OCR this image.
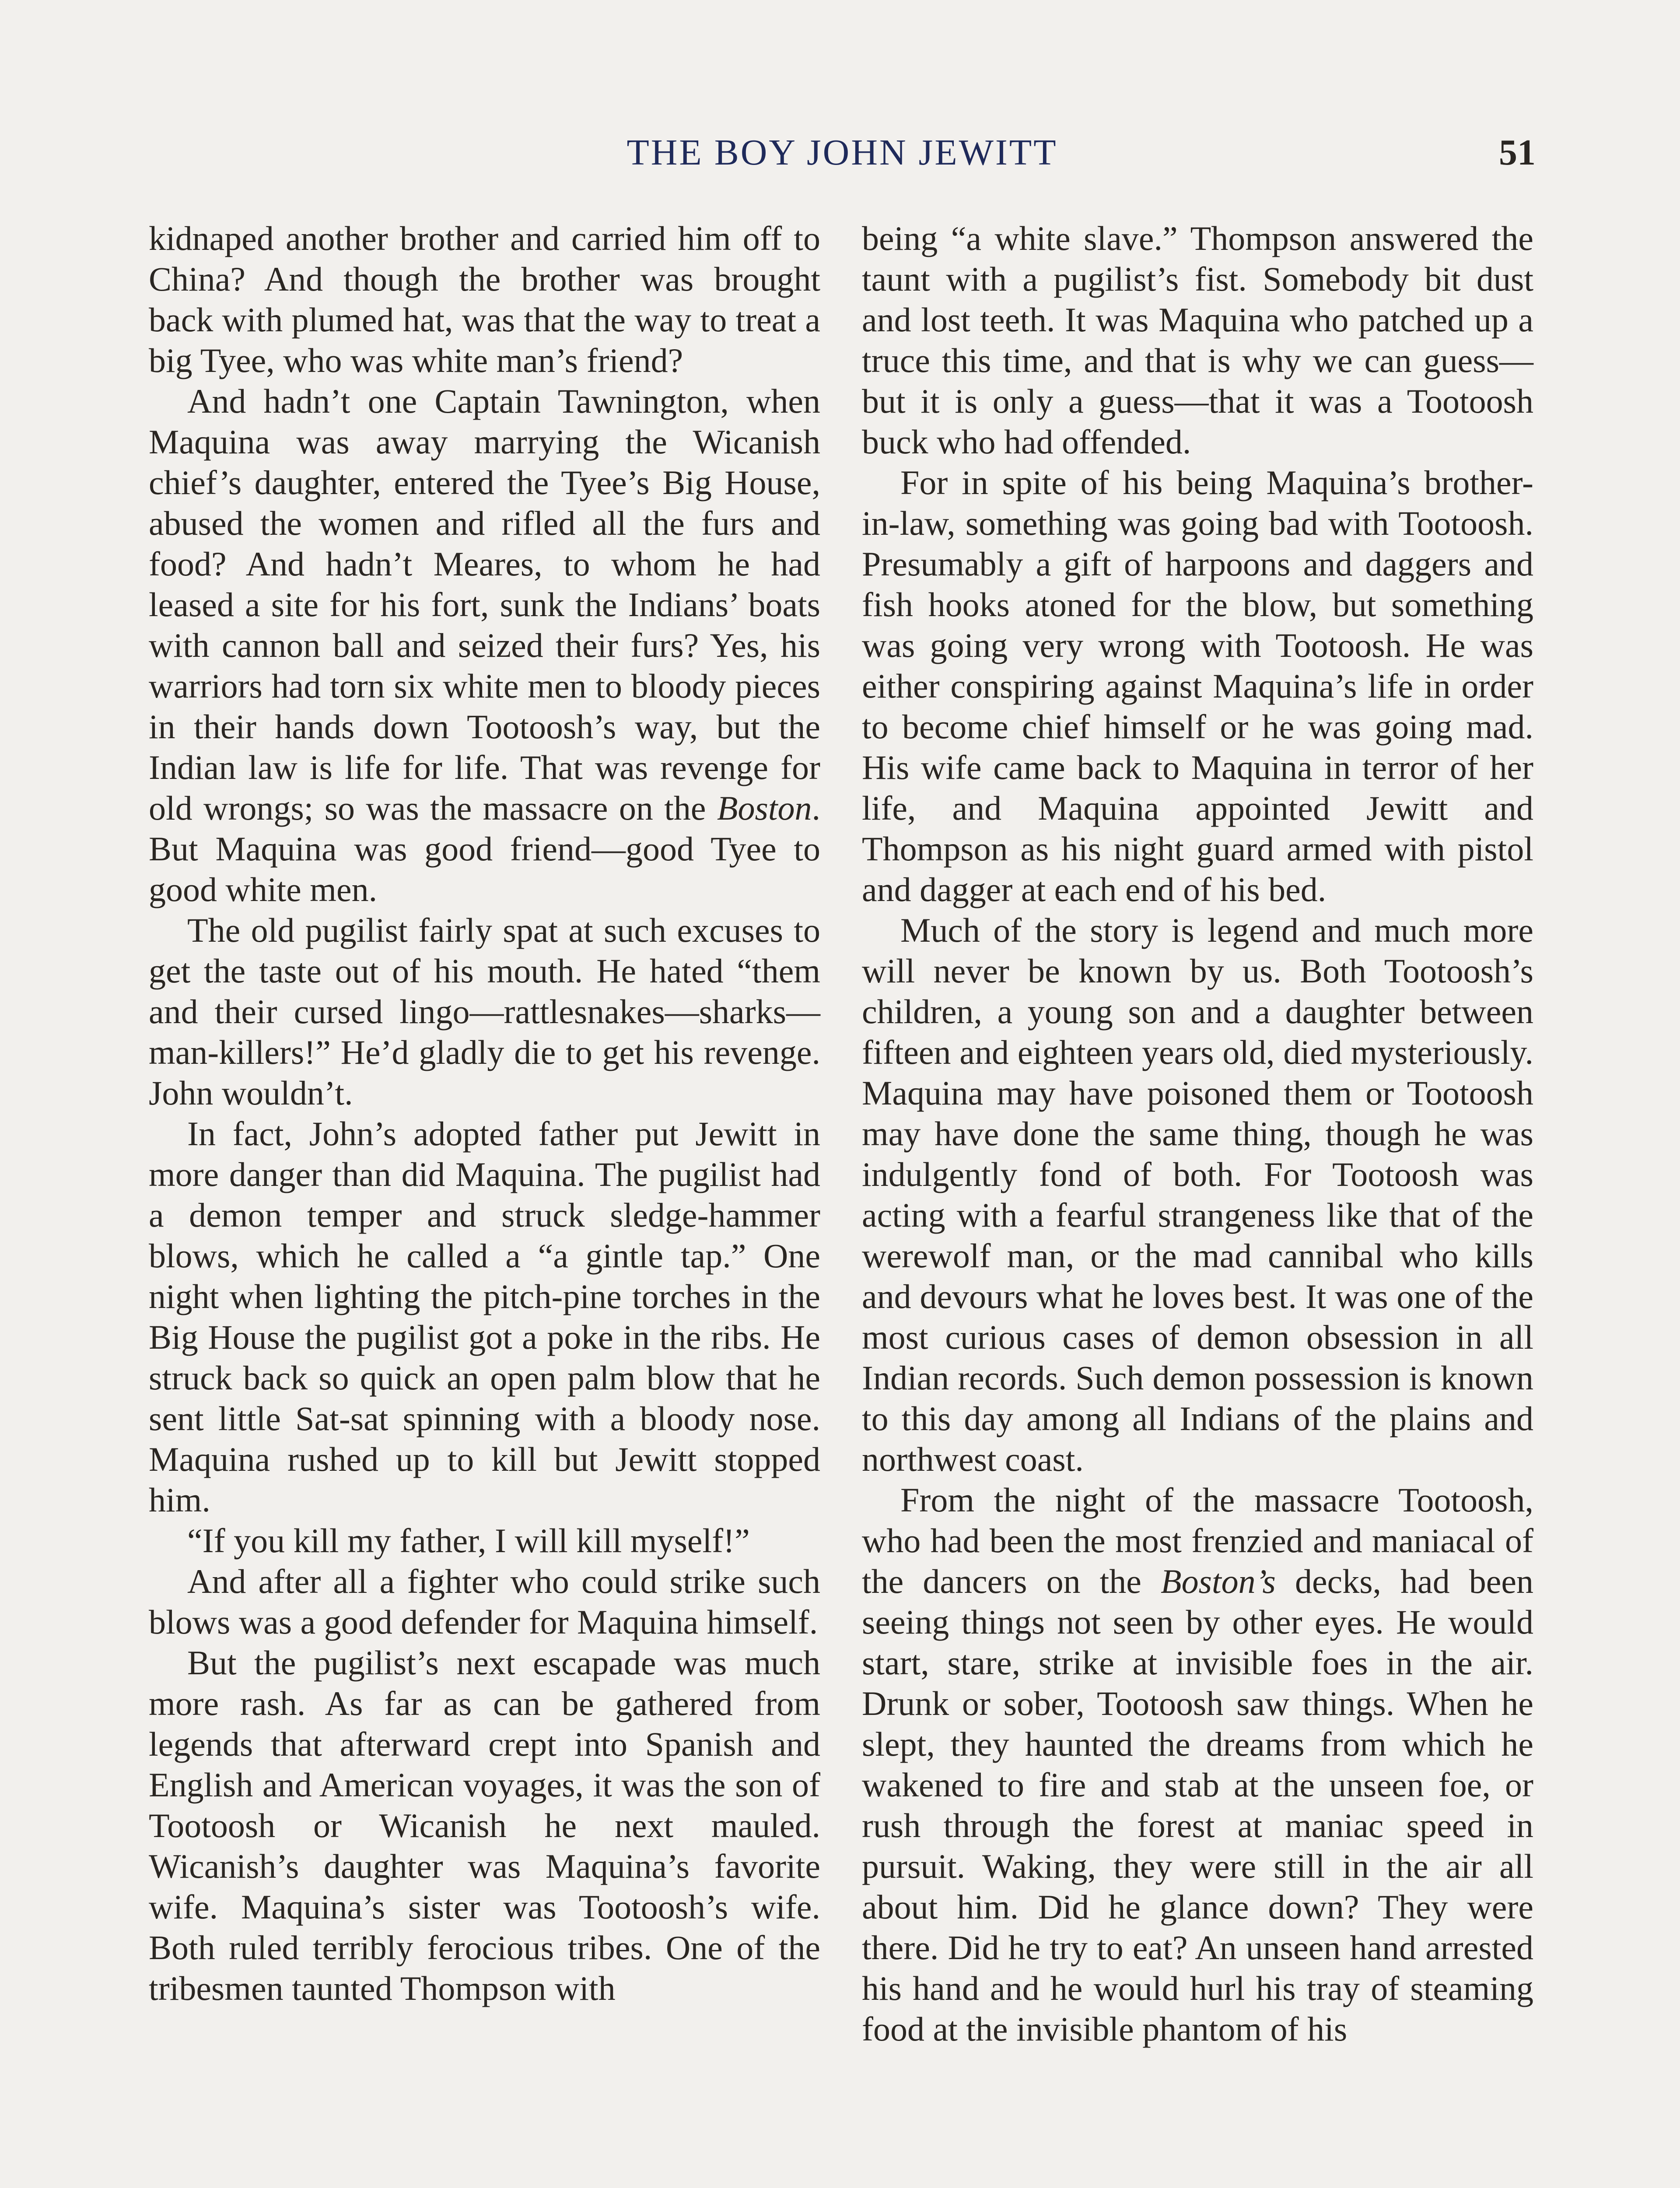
THE BOY JOHN JEWITT	51

kidnaped another brother and carried him off to China? And though the brother was brought back with plumed hat, was that the way to treat a big Tyee, who was white man’s friend?

And hadn’t one Captain Tawnington, when Maquina was away marrying the Wicanish chief’s daughter, entered the Tyee’s Big House, abused the women and rifled all the furs and food? And hadn’t Meares, to whom he had leased a site for his fort, sunk the Indians’ boats with cannon ball and seized their furs? Yes, his warriors had torn six white men to bloody pieces in their hands down Tootoosh’s way, but the Indian law is life for life. That was revenge for old wrongs; so was the massacre on the Boston. But Maquina was good friend—good Tyee to good white men.

The old pugilist fairly spat at such excuses to get the taste out of his mouth. He hated “them and their cursed lingo—rattlesnakes—sharks—man-killers!” He’d gladly die to get his revenge. John wouldn’t.

In fact, John’s adopted father put Jewitt in more danger than did Maquina. The pugilist had a demon temper and struck sledge-hammer blows, which he called a “a gintle tap.” One night when lighting the pitch-pine torches in the Big House the pugilist got a poke in the ribs. He struck back so quick an open palm blow that he sent little Sat-sat spinning with a bloody nose. Maquina rushed up to kill but Jewitt stopped him.

“If you kill my father, I will kill myself!”

And after all a fighter who could strike such blows was a good defender for Maquina himself.

But the pugilist’s next escapade was much more rash. As far as can be gathered from legends that afterward crept into Spanish and English and American voyages, it was the son of Tootoosh or Wicanish he next mauled. Wicanish’s daughter was Maquina’s favorite wife. Maquina’s sister was Tootoosh’s wife. Both ruled terribly ferocious tribes. One of the tribesmen taunted Thompson with

being “a white slave.” Thompson answered the taunt with a pugilist’s fist. Somebody bit dust and lost teeth. It was Maquina who patched up a truce this time, and that is why we can guess—but it is only a guess—that it was a Tootoosh buck who had offended.

For in spite of his being Maquina’s brother-in-law, something was going bad with Tootoosh. Presumably a gift of harpoons and daggers and fish hooks atoned for the blow, but something was going very wrong with Tootoosh. He was either conspiring against Maquina’s life in order to become chief himself or he was going mad. His wife came back to Maquina in terror of her life, and Maquina appointed Jewitt and Thompson as his night guard armed with pistol and dagger at each end of his bed.

Much of the story is legend and much more will never be known by us. Both Tootoosh’s children, a young son and a daughter between fifteen and eighteen years old, died mysteriously. Maquina may have poisoned them or Tootoosh may have done the same thing, though he was indulgently fond of both. For Tootoosh was acting with a fearful strangeness like that of the werewolf man, or the mad cannibal who kills and devours what he loves best. It was one of the most curious cases of demon obsession in all Indian records. Such demon possession is known to this day among all Indians of the plains and northwest coast.

From the night of the massacre Tootoosh, who had been the most frenzied and maniacal of the dancers on the Boston’s decks, had been seeing things not seen by other eyes. He would start, stare, strike at invisible foes in the air. Drunk or sober, Tootoosh saw things. When he slept, they haunted the dreams from which he wakened to fire and stab at the unseen foe, or rush through the forest at maniac speed in pursuit. Waking, they were still in the air all about him. Did he glance down? They were there. Did he try to eat? An unseen hand arrested his hand and he would hurl his tray of steaming food at the invisible phantom of his
